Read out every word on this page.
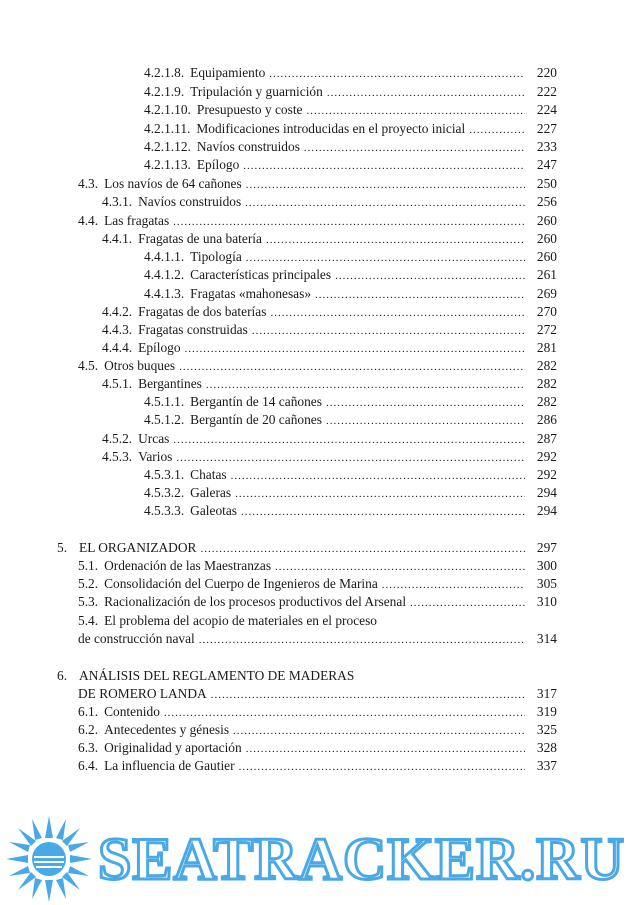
4.2.1.8. Equipamiento .....	220
4.2.1.9. Tripulación y guarnición .....	222
4.2.1.10. Presupuesto y coste .....	224
4.2.1.11. Modificaciones introducidas en el proyecto inicial .....	227
4.2.1.12. Navíos construidos .....	233
4.2.1.13. Epílogo .....	247
4.3. Los navíos de 64 cañones .....	250
4.3.1. Navíos construidos .....	256
4.4. Las fragatas .....	260
4.4.1. Fragatas de una batería .....	260
4.4.1.1. Tipología .....	260
4.4.1.2. Características principales .....	261
4.4.1.3. Fragatas «mahonesas» .....	269
4.4.2. Fragatas de dos baterías .....	270
4.4.3. Fragatas construidas .....	272
4.4.4. Epílogo .....	281
4.5. Otros buques .....	282
4.5.1. Bergantines .....	282
4.5.1.1. Bergantín de 14 cañones .....	282
4.5.1.2. Bergantín de 20 cañones .....	286
4.5.2. Urcas .....	287
4.5.3. Varios .....	292
4.5.3.1. Chatas .....	292
4.5.3.2. Galeras .....	294
4.5.3.3. Galeotas .....	294
5. EL ORGANIZADOR .....	297
5.1. Ordenación de las Maestranzas .....	300
5.2. Consolidación del Cuerpo de Ingenieros de Marina .....	305
5.3. Racionalización de los procesos productivos del Arsenal .....	310
5.4. El problema del acopio de materiales en el proceso
de construcción naval .....	314
6. ANÁLISIS DEL REGLAMENTO DE MADERAS
DE ROMERO LANDA .....	317
6.1. Contenido .....	319
6.2. Antecedentes y génesis .....	325
6.3. Originalidad y aportación .....	328
6.4. La influencia de Gautier .....	337
SEATRACKER.RU
